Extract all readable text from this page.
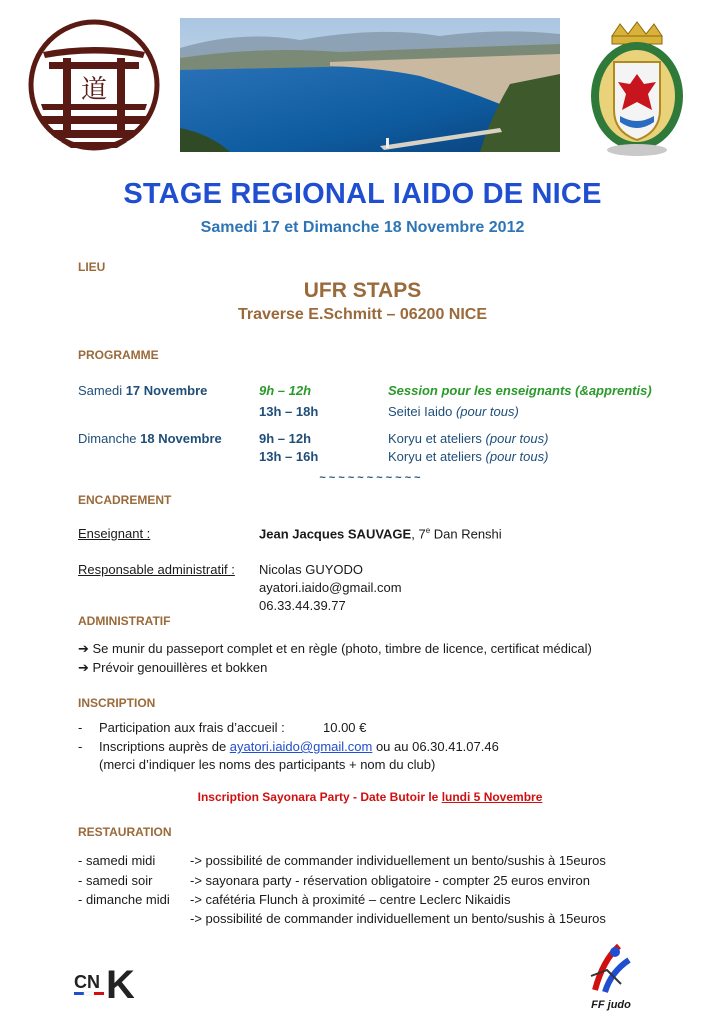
道
STAGE REGIONAL IAIDO DE NICE
Samedi 17 et Dimanche 18 Novembre 2012
LIEU
UFR STAPS
Traverse E.Schmitt – 06200 NICE
PROGRAMME
Samedi 17 Novembre	9h – 12h	Session pour les enseignants (&apprentis)
13h – 18h	Seitei Iaido (pour tous)
Dimanche 18 Novembre	9h – 12h	Koryu et ateliers (pour tous)
13h – 16h	Koryu et ateliers (pour tous)
~ ~ ~ ~ ~ ~ ~ ~ ~ ~ ~
ENCADREMENT
Enseignant :	Jean Jacques SAUVAGE, 7e Dan Renshi
Responsable administratif : Nicolas GUYODO
ayatori.iaido@gmail.com
06.33.44.39.77
ADMINISTRATIF
➔ Se munir du passeport complet et en règle (photo, timbre de licence, certificat médical)
➔ Prévoir genouillères et bokken
INSCRIPTION
- Participation aux frais d’accueil :	10.00 €
- Inscriptions auprès de ayatori.iaido@gmail.com ou au 06.30.41.07.46
(merci d’indiquer les noms des participants + nom du club)
Inscription Sayonara Party - Date Butoir le lundi 5 Novembre
RESTAURATION
- samedi midi	-> possibilité de commander individuellement un bento/sushis à 15euros
- samedi soir	-> sayonara party - réservation obligatoire - compter 25 euros environ
- dimanche midi -> cafétéria Flunch à proximité – centre Leclerc Nikaidis
-> possibilité de commander individuellement un bento/sushis à 15euros
CN K	FF judo
